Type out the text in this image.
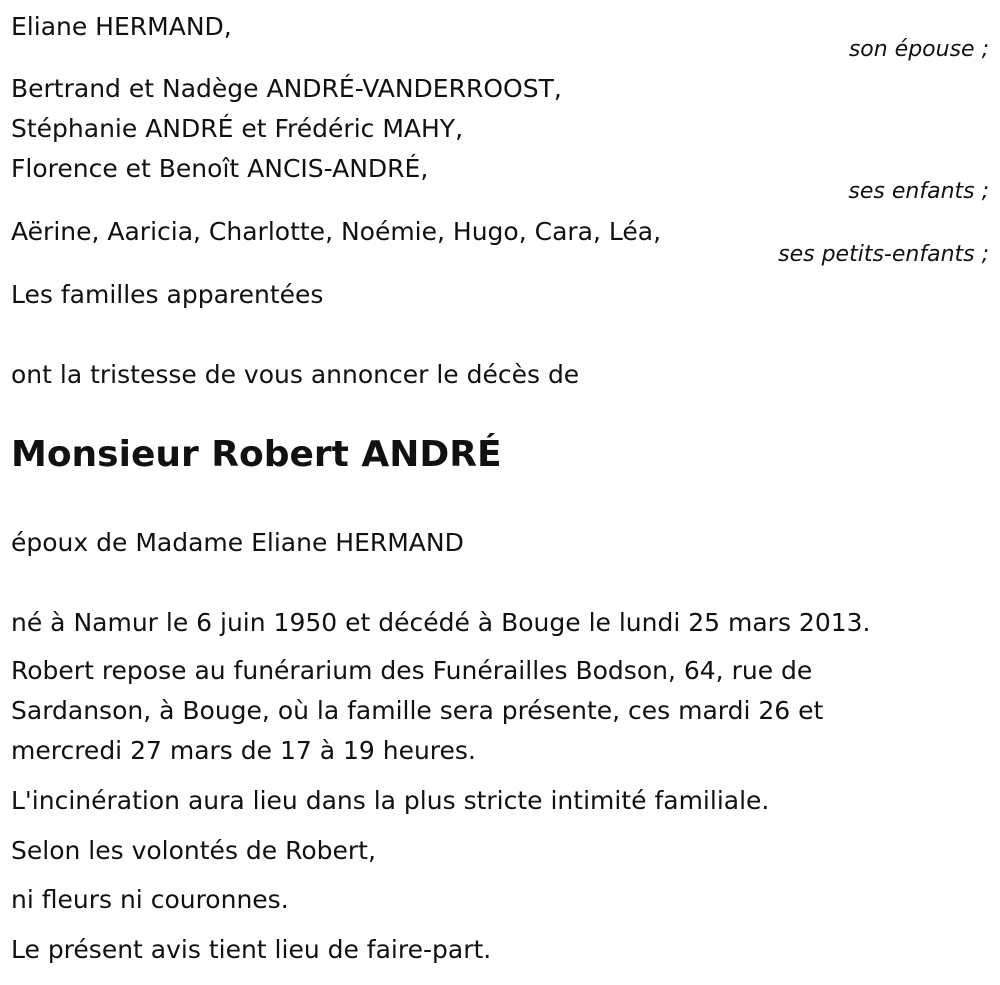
Eliane HERMAND,
son épouse ;
Bertrand et Nadège ANDRÉ-VANDERROOST,
Stéphanie ANDRÉ et Frédéric MAHY,
Florence et Benoît ANCIS-ANDRÉ,
ses enfants ;
Aërine, Aaricia, Charlotte, Noémie, Hugo, Cara, Léa,
ses petits-enfants ;
Les familles apparentées
ont la tristesse de vous annoncer le décès de
Monsieur Robert ANDRÉ
époux de Madame Eliane HERMAND
né à Namur le 6 juin 1950 et décédé à Bouge le lundi 25 mars 2013.
Robert repose au funérarium des Funérailles Bodson, 64, rue de
Sardanson, à Bouge, où la famille sera présente, ces mardi 26 et
mercredi 27 mars de 17 à 19 heures.
L'incinération aura lieu dans la plus stricte intimité familiale.
Selon les volontés de Robert,
ni fleurs ni couronnes.
Le présent avis tient lieu de faire-part.
